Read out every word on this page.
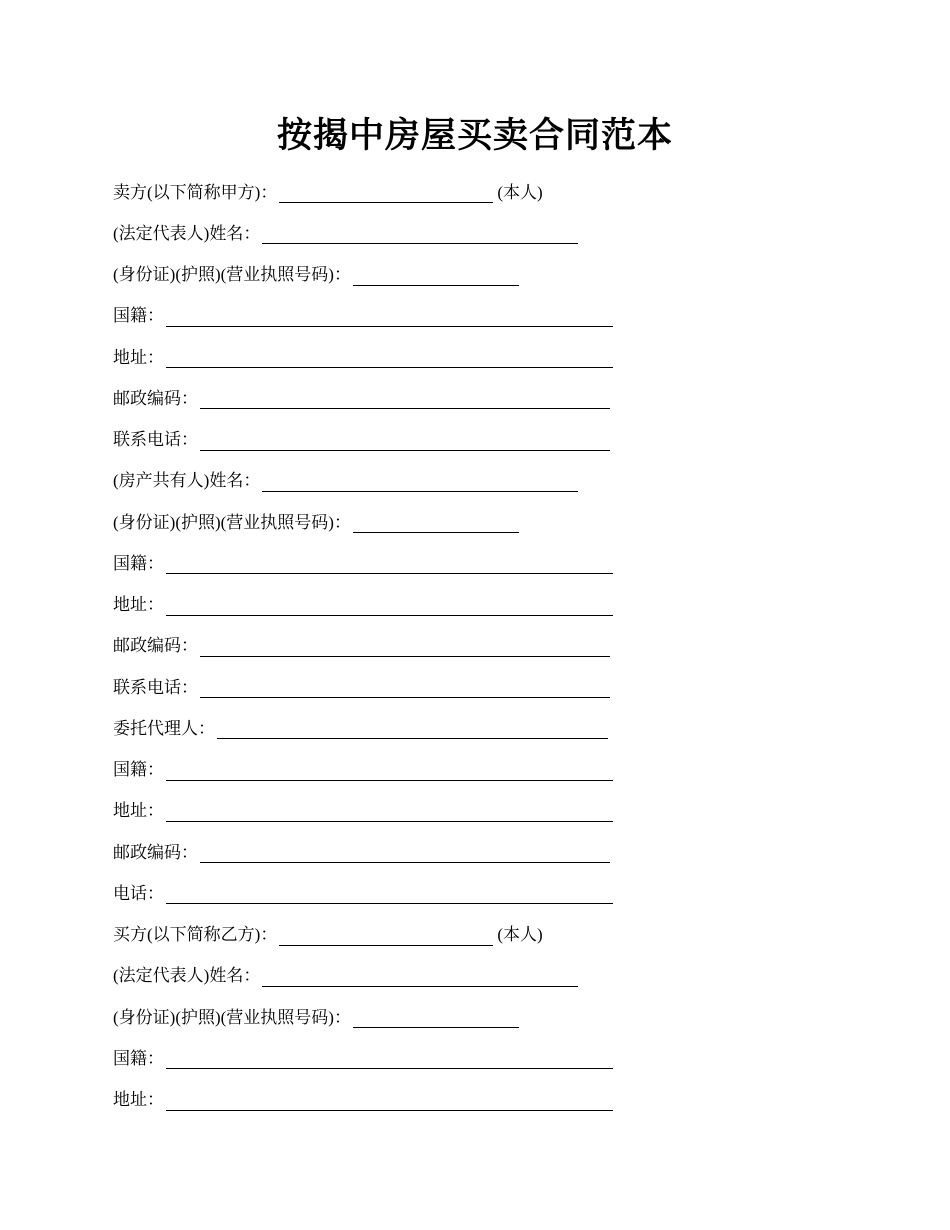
按揭中房屋买卖合同范本
卖方(以下简称甲方)：	(本人)
(法定代表人)姓名：
(身份证)(护照)(营业执照号码)：
国籍：
地址：
邮政编码：
联系电话：
(房产共有人)姓名：
(身份证)(护照)(营业执照号码)：
国籍：
地址：
邮政编码：
联系电话：
委托代理人：
国籍：
地址：
邮政编码：
电话：
买方(以下简称乙方)：	(本人)
(法定代表人)姓名：
(身份证)(护照)(营业执照号码)：
国籍：
地址：
